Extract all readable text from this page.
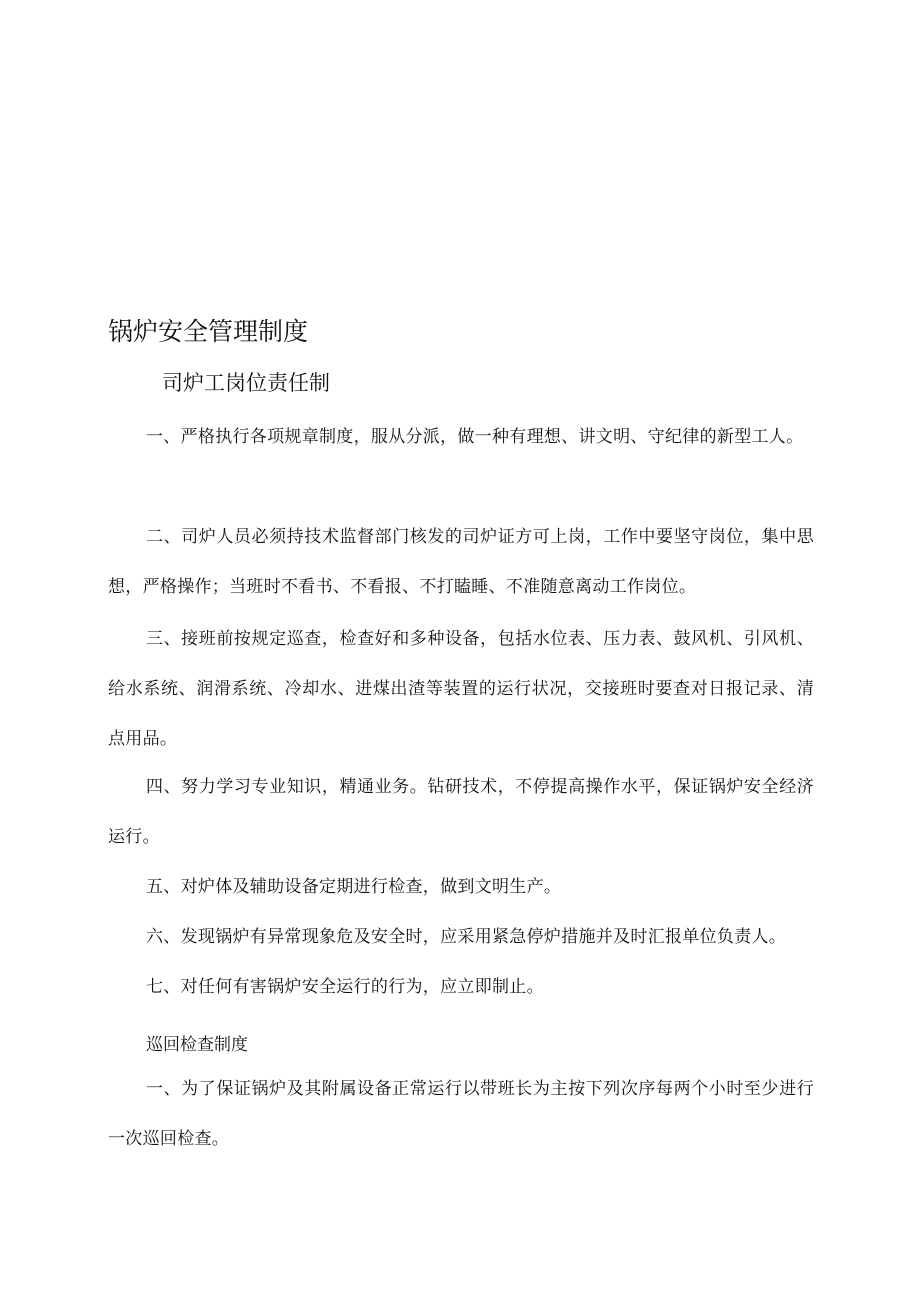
锅炉安全管理制度
司炉工岗位责任制

一、严格执行各项规章制度，服从分派，做一种有理想、讲文明、守纪律的新型工人。

二、司炉人员必须持技术监督部门核发的司炉证方可上岗，工作中要坚守岗位，集中思想，严格操作；当班时不看书、不看报、不打瞌睡、不准随意离动工作岗位。

三、接班前按规定巡查，检查好和多种设备，包括水位表、压力表、鼓风机、引风机、给水系统、润滑系统、冷却水、进煤出渣等装置的运行状况，交接班时要查对日报记录、清点用品。

四、努力学习专业知识，精通业务。钻研技术，不停提高操作水平，保证锅炉安全经济运行。

五、对炉体及辅助设备定期进行检查，做到文明生产。

六、发现锅炉有异常现象危及安全时，应采用紧急停炉措施并及时汇报单位负责人。

七、对任何有害锅炉安全运行的行为，应立即制止。

巡回检查制度

一、为了保证锅炉及其附属设备正常运行以带班长为主按下列次序每两个小时至少进行一次巡回检查。
